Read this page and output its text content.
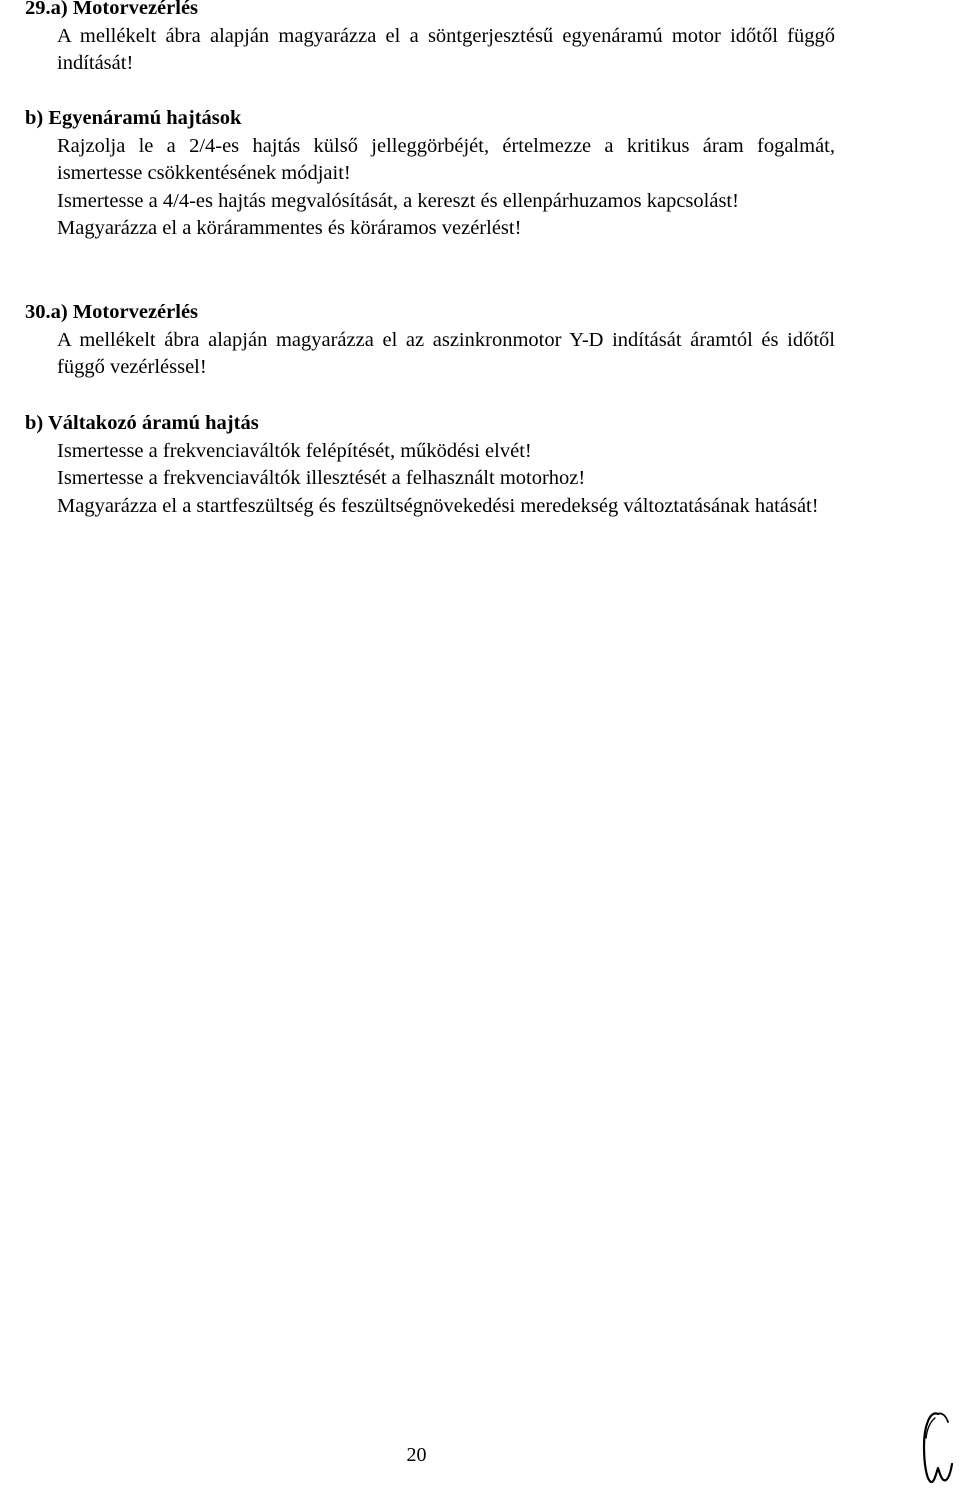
29.a) Motorvezérlés

A mellékelt ábra alapján magyarázza el a söntgerjesztésű egyenáramú motor időtől függő indítását!

b) Egyenáramú hajtások

Rajzolja le a 2/4-es hajtás külső jelleggörbéjét, értelmezze a kritikus áram fogalmát, ismertesse csökkentésének módjait!

Ismertesse a 4/4-es hajtás megvalósítását, a kereszt és ellenpárhuzamos kapcsolást!

Magyarázza el a körárammentes és köráramos vezérlést!

30.a) Motorvezérlés

A mellékelt ábra alapján magyarázza el az aszinkronmotor Y-D indítását áramtól és időtől függő vezérléssel!

b) Váltakozó áramú hajtás

Ismertesse a frekvenciaváltók felépítését, működési elvét!

Ismertesse a frekvenciaváltók illesztését a felhasznált motorhoz!

Magyarázza el a startfeszültség és feszültségnövekedési meredekség változtatásának hatását!

20
